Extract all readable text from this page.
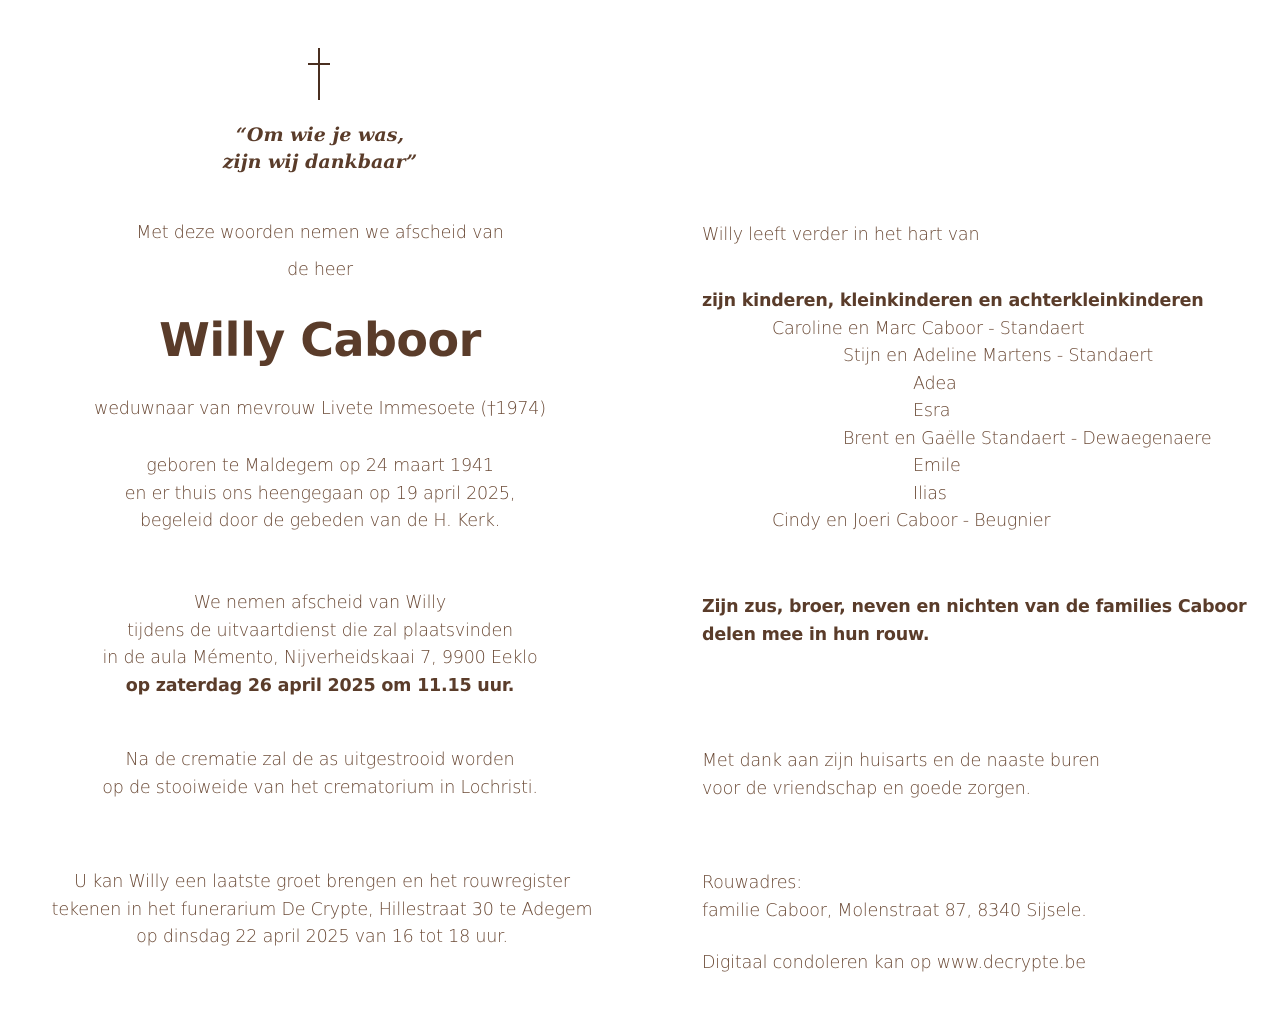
“Om wie je was,
zijn wij dankbaar”
Met deze woorden nemen we afscheid van
de heer
Willy Caboor
weduwnaar van mevrouw Livete Immesoete (†1974)
geboren te Maldegem op 24 maart 1941
en er thuis ons heengegaan op 19 april 2025,
begeleid door de gebeden van de H. Kerk.
We nemen afscheid van Willy
tijdens de uitvaartdienst die zal plaatsvinden
in de aula Mémento, Nijverheidskaai 7, 9900 Eeklo
op zaterdag 26 april 2025 om 11.15 uur.
Na de crematie zal de as uitgestrooid worden
op de stooiweide van het crematorium in Lochristi.
U kan Willy een laatste groet brengen en het rouwregister
tekenen in het funerarium De Crypte, Hillestraat 30 te Adegem
op dinsdag 22 april 2025 van 16 tot 18 uur.
Willy leeft verder in het hart van
zijn kinderen, kleinkinderen en achterkleinkinderen
Caroline en Marc Caboor - Standaert
Stijn en Adeline Martens - Standaert
Adea
Esra
Brent en Gaëlle Standaert - Dewaegenaere
Emile
Ilias
Cindy en Joeri Caboor - Beugnier
Zijn zus, broer, neven en nichten van de families Caboor
delen mee in hun rouw.
Met dank aan zijn huisarts en de naaste buren
voor de vriendschap en goede zorgen.
Rouwadres:
familie Caboor, Molenstraat 87, 8340 Sijsele.
Digitaal condoleren kan op www.decrypte.be
